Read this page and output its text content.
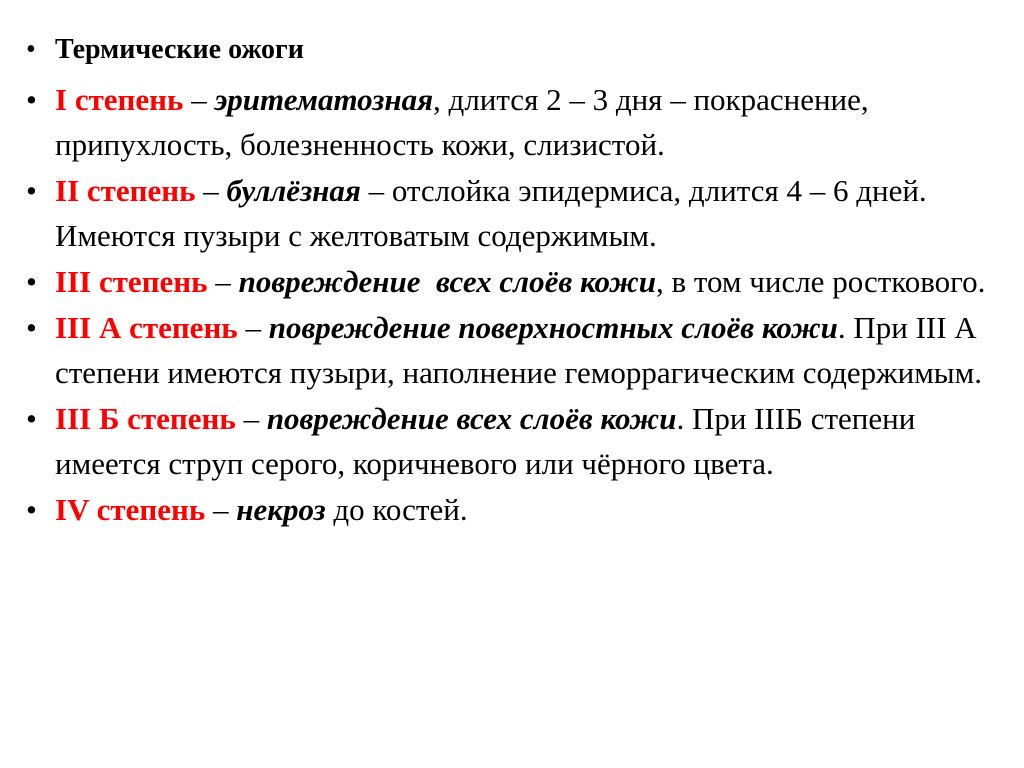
• Термические ожоги
• I степень – эритематозная, длится 2 – 3 дня – покраснение, припухлость, болезненность кожи, слизистой.
• II степень – буллёзная – отслойка эпидермиса, длится 4 – 6 дней. Имеются пузыри с желтоватым содержимым.
• III степень – повреждение  всех слоёв кожи, в том числе росткового.
• III А степень – повреждение поверхностных слоёв кожи. При III А степени имеются пузыри, наполнение геморрагическим содержимым.
• III Б степень – повреждение всех слоёв кожи. При IIIБ степени имеется струп серого, коричневого или чёрного цвета.
• IV степень – некроз до костей.
